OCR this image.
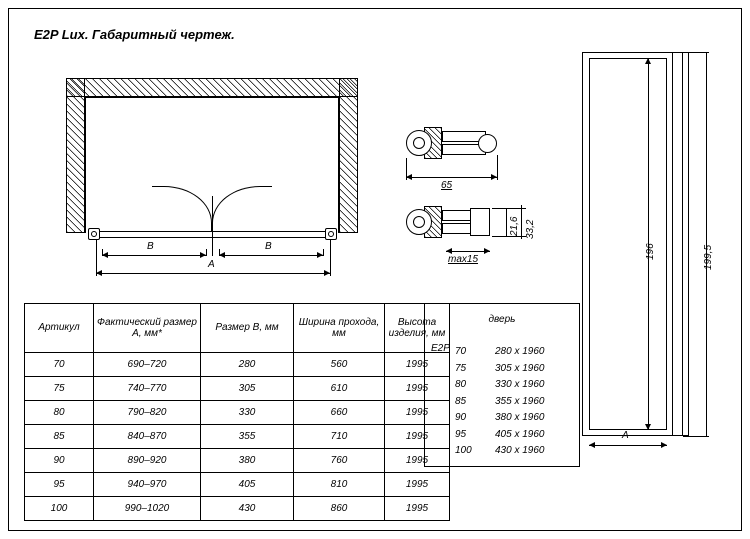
E2P Lux. Габаритный чертеж.
B	B
A
65
21,6 33,2
max15	196	199,5
A
Артикул	Фактический размер A, мм*	Размер B, мм	Ширина прохода, мм	Высота изделия, мм
70	690–720	280	560	1995
75	740–770	305	610	1995
80	790–820	330	660	1995
85	840–870	355	710	1995
90	890–920	380	760	1995
95	940–970	405	810	1995
100	990–1020	430	860	1995
дверь
70	280 x 1960
75	305 x 1960
80	330 x 1960
85	355 x 1960
90	380 x 1960
95	405 x 1960
100 430 x 1960
E2P
